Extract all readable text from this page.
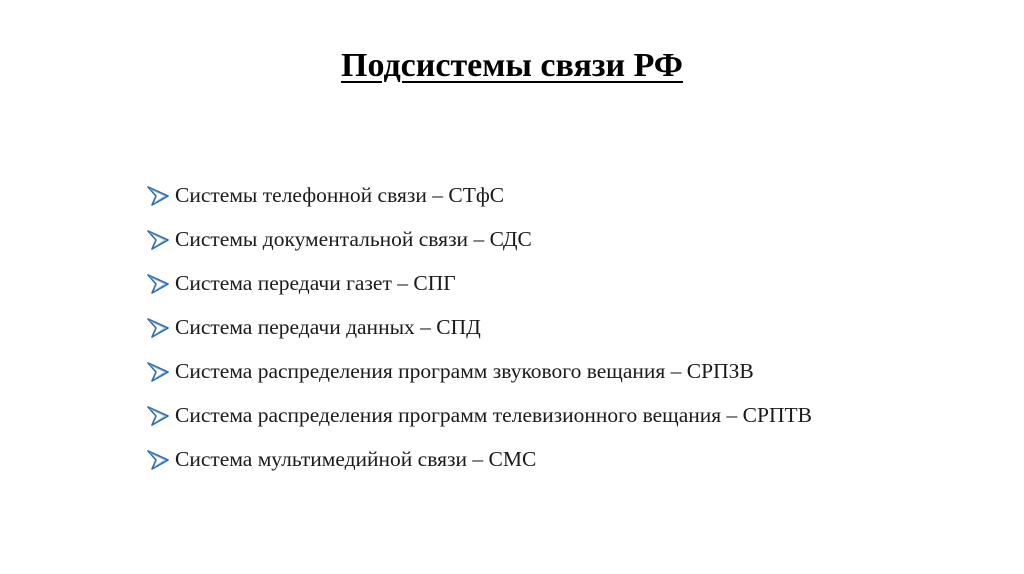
Подсистемы связи РФ
Системы телефонной связи – СТфС
Системы документальной связи – СДС
Система передачи газет – СПГ
Система передачи данных – СПД
Система распределения программ звукового вещания – СРПЗВ
Система распределения программ телевизионного вещания – СРПТВ
Система мультимедийной связи – СМС
